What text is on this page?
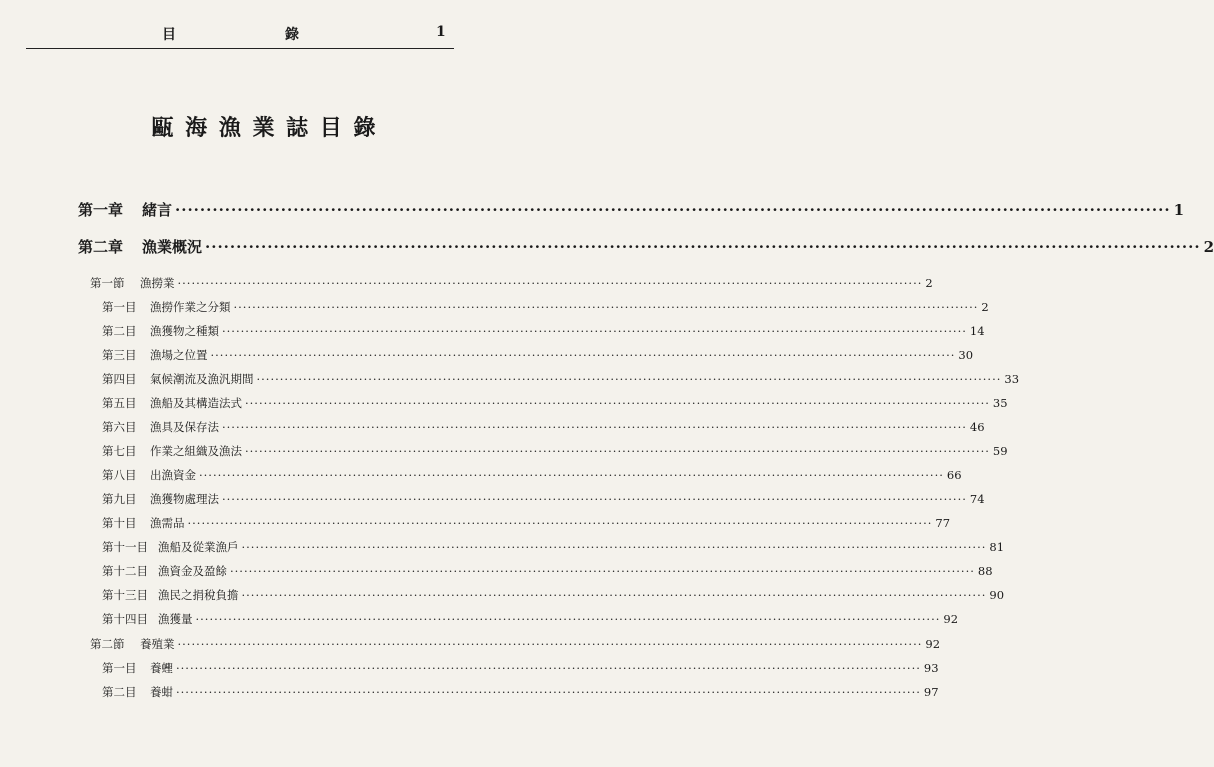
目	錄	1
甌 海 漁 業 誌 目 錄
第一章	緒言 ································································································································································ 1
第二章	漁業概況 ································································································································································ 2
第一節	漁撈業 ································································································································································ 2
第一目	漁撈作業之分類 ································································································································································ 2
第二目	漁獲物之種類 ································································································································································ 14
第三目	漁場之位置 ································································································································································ 30
第四目	氣候潮流及漁汎期間 ································································································································································ 33
第五目	漁船及其構造法式 ································································································································································ 35
第六目	漁具及保存法 ································································································································································ 46
第七目	作業之組織及漁法 ································································································································································ 59
第八目	出漁資金 ································································································································································ 66
第九目	漁獲物處理法 ································································································································································ 74
第十目	漁需品 ································································································································································ 77
第十一目 漁船及從業漁戶 ································································································································································ 81
第十二目 漁資金及盈餘 ································································································································································ 88
第十三目 漁民之捐稅負擔 ································································································································································ 90
第十四目 漁獲量 ································································································································································ 92
第二節	養殖業 ································································································································································ 92
第一目	養蟶 ································································································································································ 93
第二目	養蚶 ································································································································································ 97
